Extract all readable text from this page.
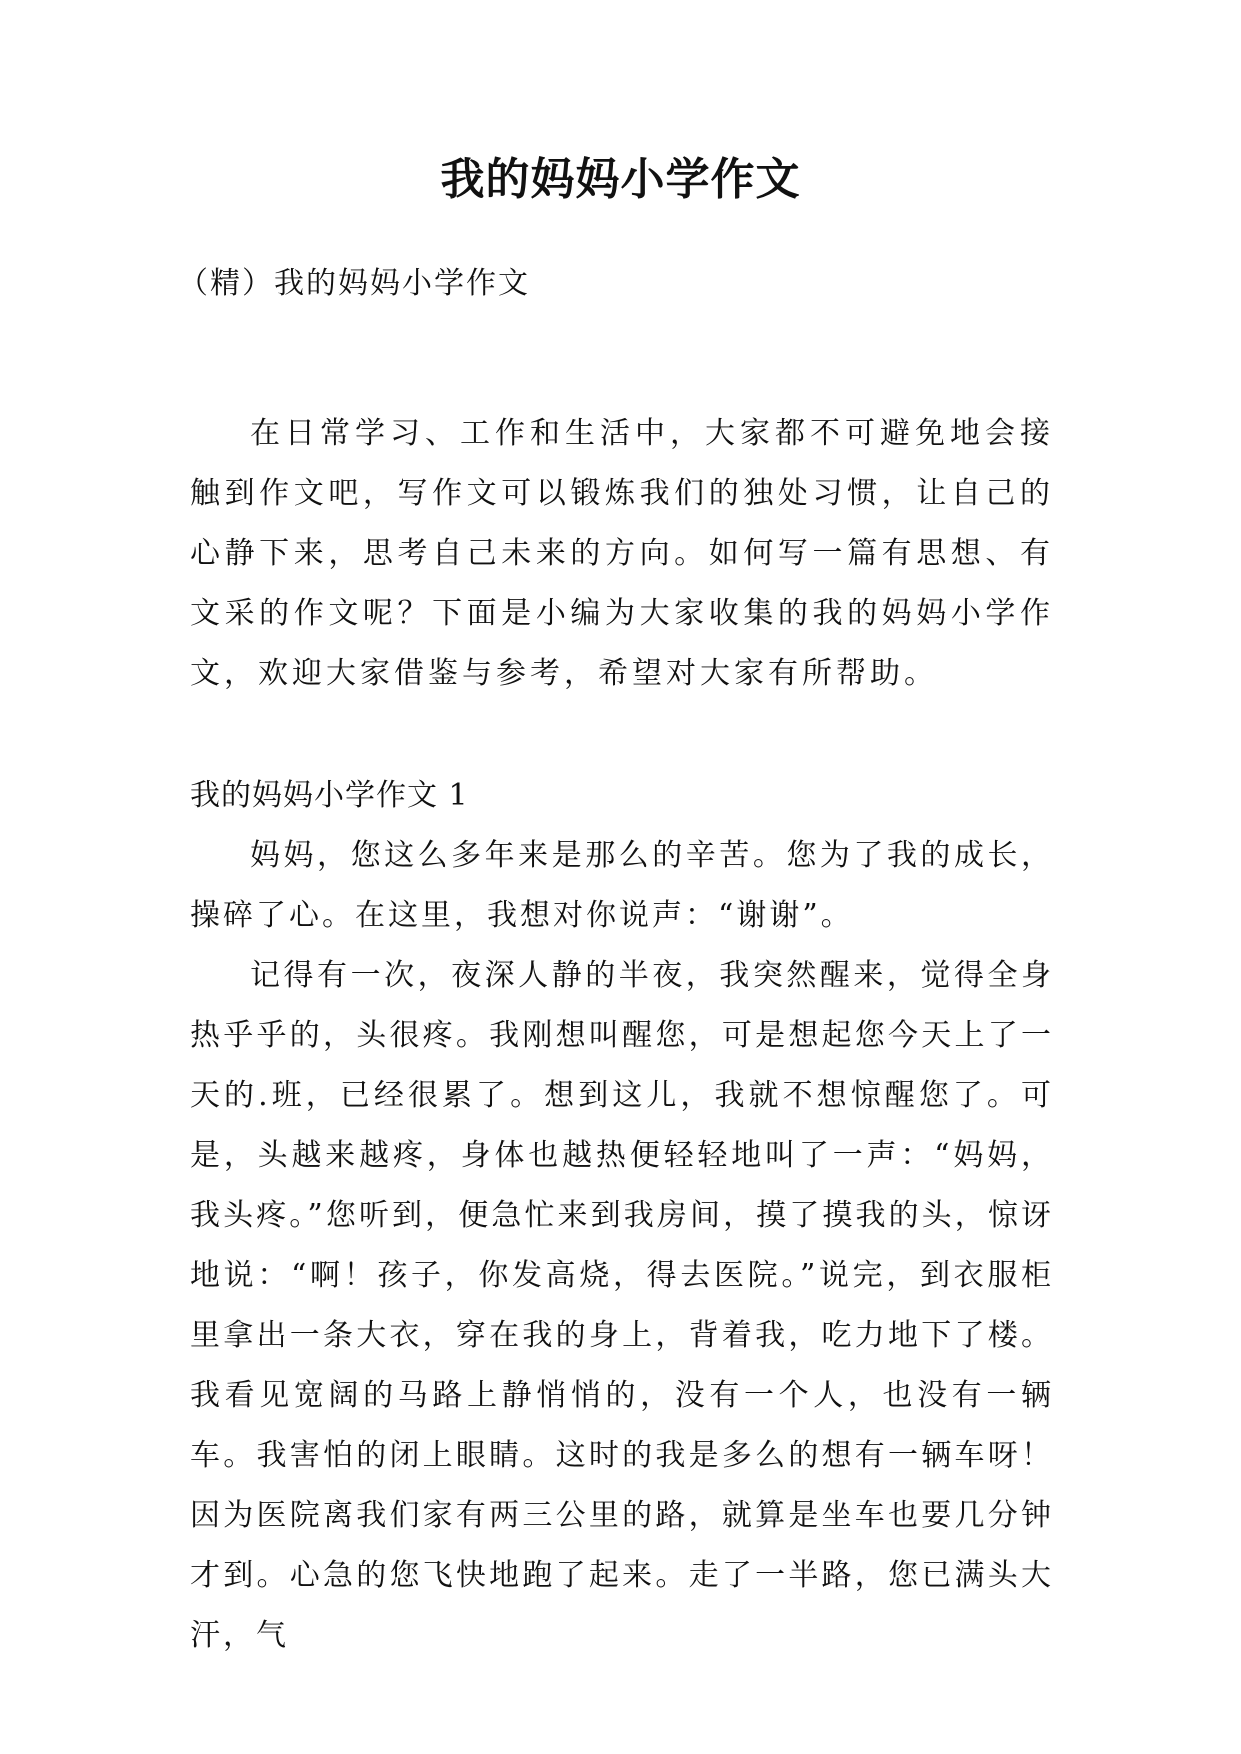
我的妈妈小学作文

（精）我的妈妈小学作文

在日常学习、工作和生活中，大家都不可避免地会接触到作文吧，写作文可以锻炼我们的独处习惯，让自己的心静下来，思考自己未来的方向。如何写一篇有思想、有文采的作文呢？下面是小编为大家收集的我的妈妈小学作文，欢迎大家借鉴与参考，希望对大家有所帮助。

我的妈妈小学作文 1

妈妈，您这么多年来是那么的辛苦。您为了我的成长，操碎了心。在这里，我想对你说声：“谢谢”。

记得有一次，夜深人静的半夜，我突然醒来，觉得全身热乎乎的，头很疼。我刚想叫醒您，可是想起您今天上了一天的.班，已经很累了。想到这儿，我就不想惊醒您了。可是，头越来越疼，身体也越热便轻轻地叫了一声：“妈妈，我头疼。”您听到，便急忙来到我房间，摸了摸我的头，惊讶地说：“啊！孩子，你发高烧，得去医院。”说完，到衣服柜里拿出一条大衣，穿在我的身上，背着我，吃力地下了楼。我看见宽阔的马路上静悄悄的，没有一个人，也没有一辆车。我害怕的闭上眼睛。这时的我是多么的想有一辆车呀！因为医院离我们家有两三公里的路，就算是坐车也要几分钟才到。心急的您飞快地跑了起来。走了一半路，您已满头大汗，气
